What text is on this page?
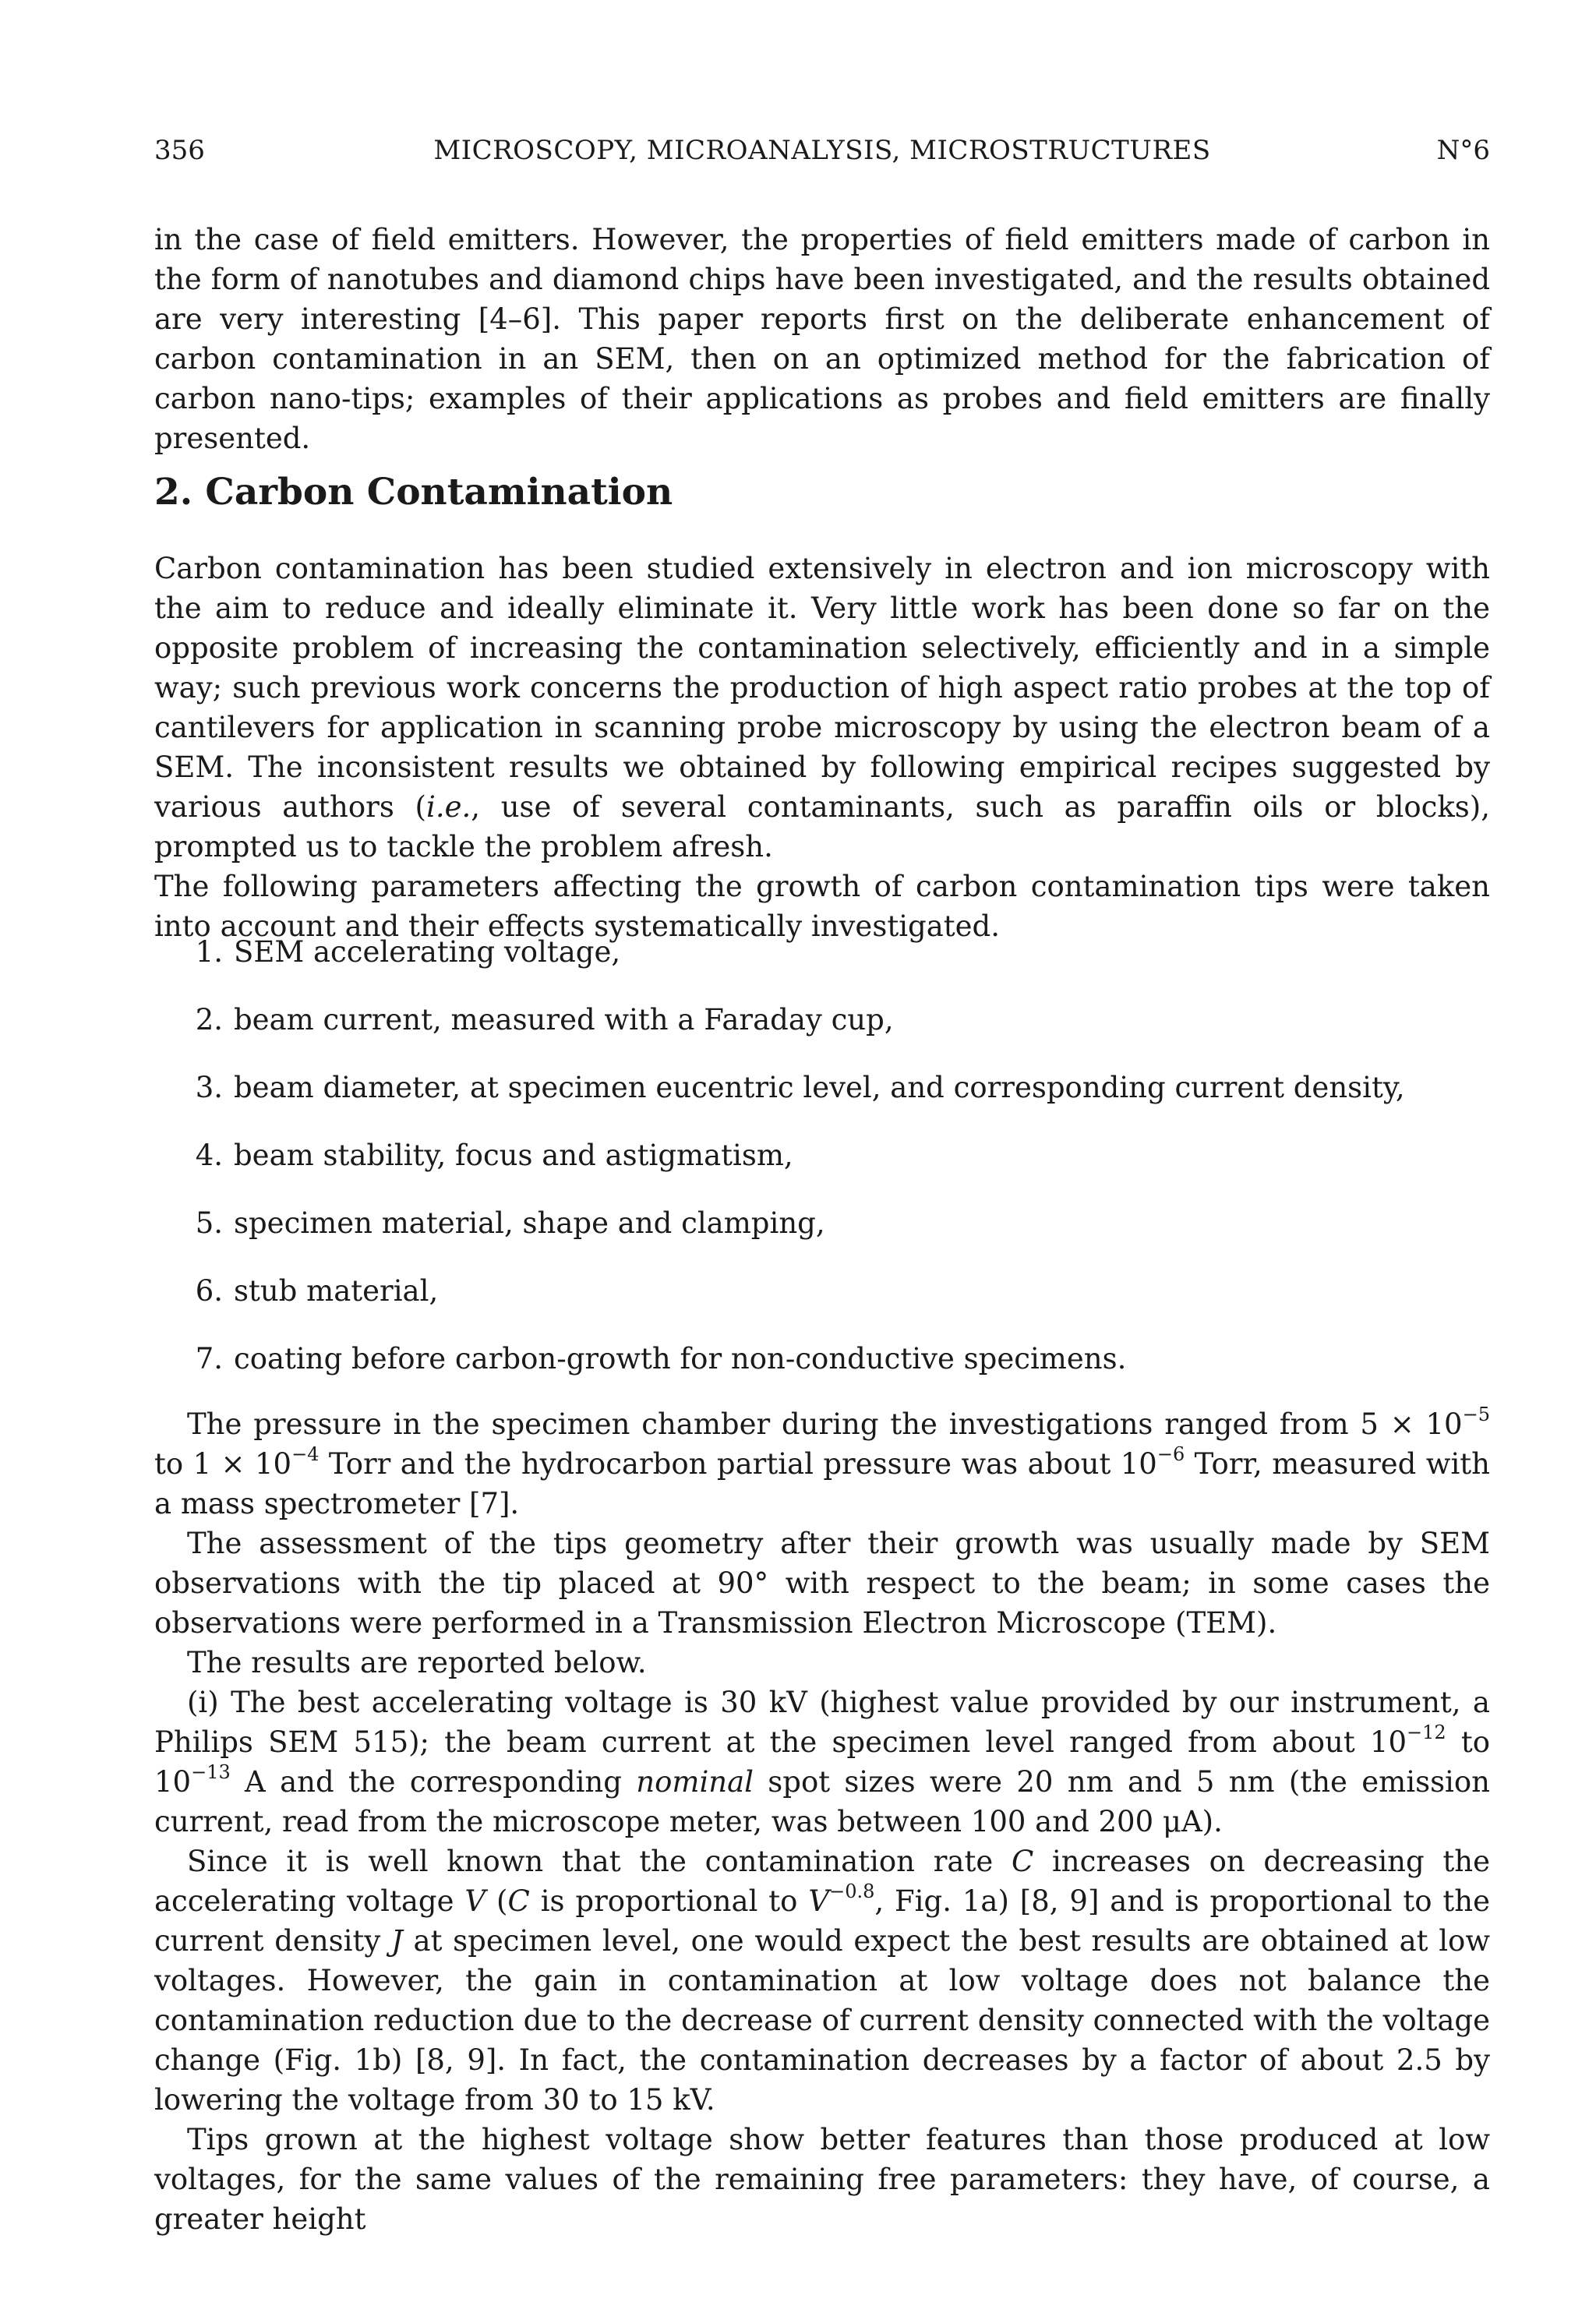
356	MICROSCOPY, MICROANALYSIS, MICROSTRUCTURES	N°6

in the case of field emitters. However, the properties of field emitters made of carbon in the form of nanotubes and diamond chips have been investigated, and the results obtained are very interesting [4–6]. This paper reports first on the deliberate enhancement of carbon contamination in an SEM, then on an optimized method for the fabrication of carbon nano-tips; examples of their applications as probes and field emitters are finally presented.

2. Carbon Contamination

Carbon contamination has been studied extensively in electron and ion microscopy with the aim to reduce and ideally eliminate it. Very little work has been done so far on the opposite problem of increasing the contamination selectively, efficiently and in a simple way; such previous work concerns the production of high aspect ratio probes at the top of cantilevers for application in scanning probe microscopy by using the electron beam of a SEM. The inconsistent results we obtained by following empirical recipes suggested by various authors (i.e., use of several contaminants, such as paraffin oils or blocks), prompted us to tackle the problem afresh.

The following parameters affecting the growth of carbon contamination tips were taken into account and their effects systematically investigated.

1. SEM accelerating voltage,
2. beam current, measured with a Faraday cup,
3. beam diameter, at specimen eucentric level, and corresponding current density,
4. beam stability, focus and astigmatism,
5. specimen material, shape and clamping,
6. stub material,
7. coating before carbon-growth for non-conductive specimens.

The pressure in the specimen chamber during the investigations ranged from $5 \times 10^{-5}$ to $1 \times 10^{-4}$ Torr and the hydrocarbon partial pressure was about $10^{-6}$ Torr, measured with a mass spectrometer [7].

The assessment of the tips geometry after their growth was usually made by SEM observations with the tip placed at 90° with respect to the beam; in some cases the observations were performed in a Transmission Electron Microscope (TEM).

The results are reported below.

(i) The best accelerating voltage is 30 kV (highest value provided by our instrument, a Philips SEM 515); the beam current at the specimen level ranged from about $10^{-12}$ to $10^{-13}$ A and the corresponding nominal spot sizes were 20 nm and 5 nm (the emission current, read from the microscope meter, was between 100 and 200 μA).

Since it is well known that the contamination rate C increases on decreasing the accelerating voltage V (C is proportional to $V^{-0.8}$, Fig. 1a) [8, 9] and is proportional to the current density J at specimen level, one would expect the best results are obtained at low voltages. However, the gain in contamination at low voltage does not balance the contamination reduction due to the decrease of current density connected with the voltage change (Fig. 1b) [8, 9]. In fact, the contamination decreases by a factor of about 2.5 by lowering the voltage from 30 to 15 kV.

Tips grown at the highest voltage show better features than those produced at low voltages, for the same values of the remaining free parameters: they have, of course, a greater height
